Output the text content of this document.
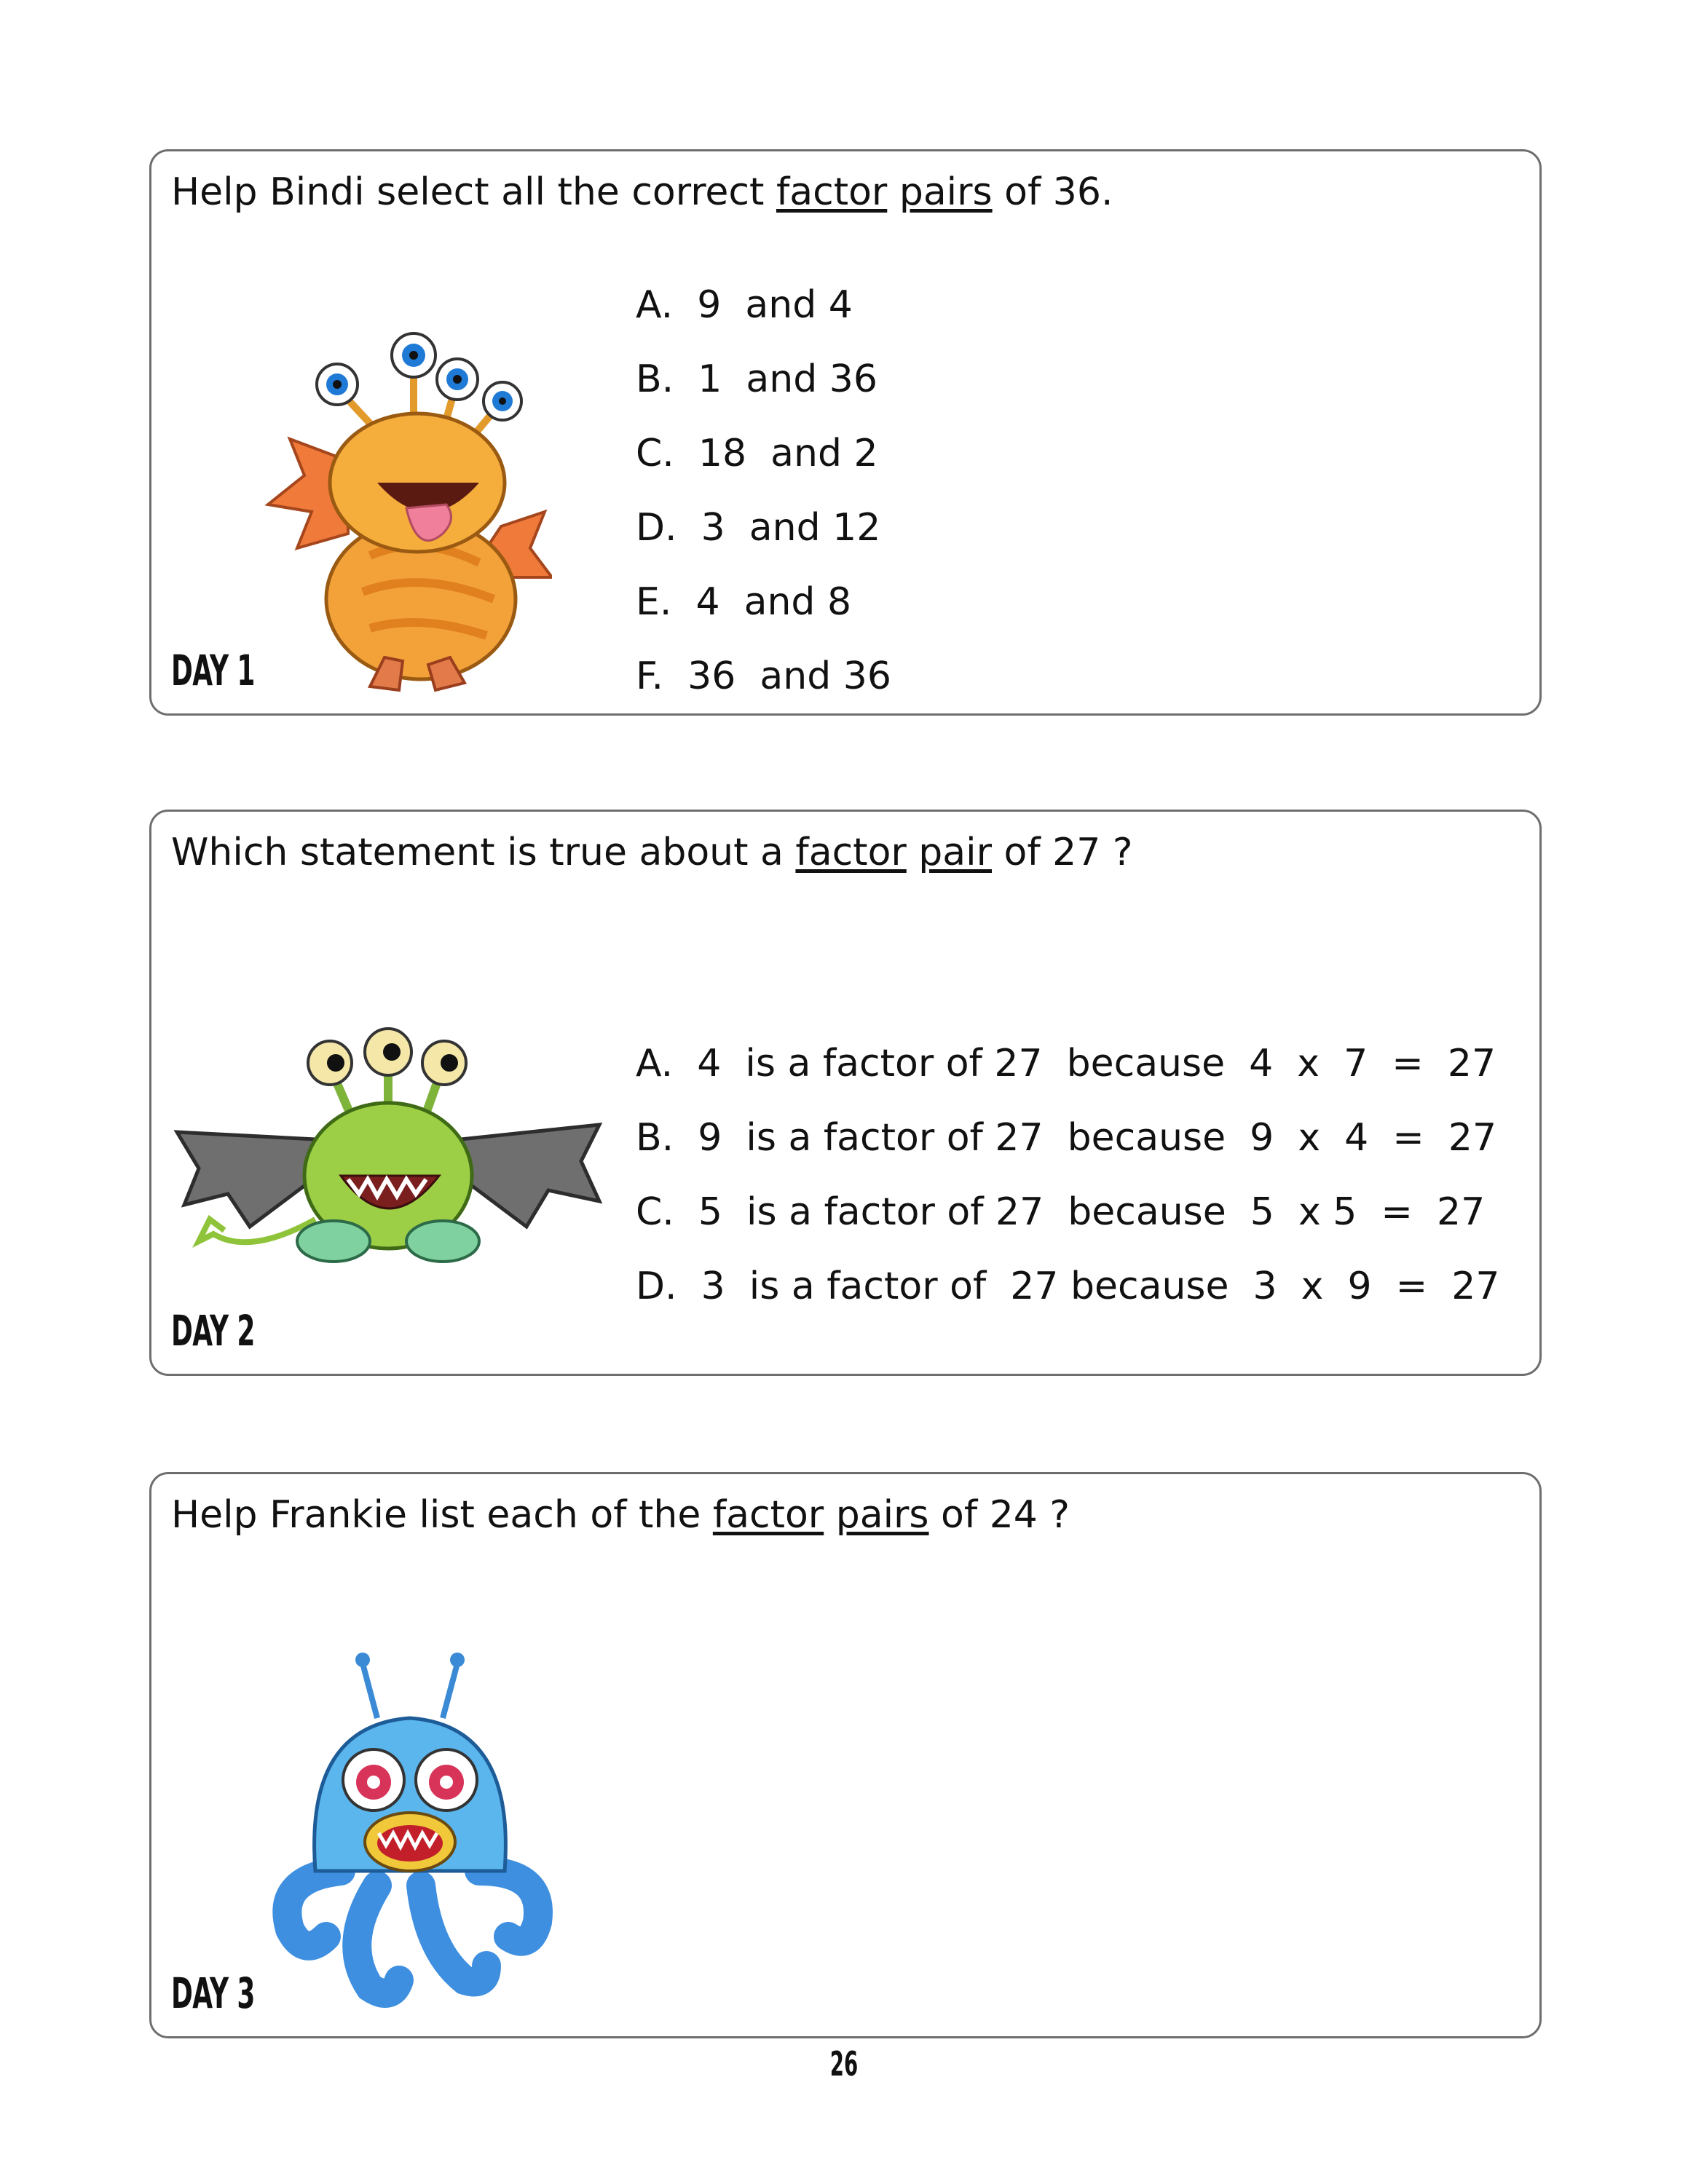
Help Bindi select all the correct factor pairs of 36.
A.  9  and 4
B.  1  and 36
C.  18  and 2
D.  3  and 12
E.  4  and 8
F.  36  and 36
DAY 1
Which statement is true about a factor pair of 27 ?
A.  4  is a factor of 27  because  4  x  7  =  27
B.  9  is a factor of 27  because  9  x  4  =  27
C.  5  is a factor of 27  because  5  x 5  =  27
D.  3  is a factor of  27 because  3  x  9  =  27
DAY 2
Help Frankie list each of the factor pairs of 24 ?
DAY 3
26
